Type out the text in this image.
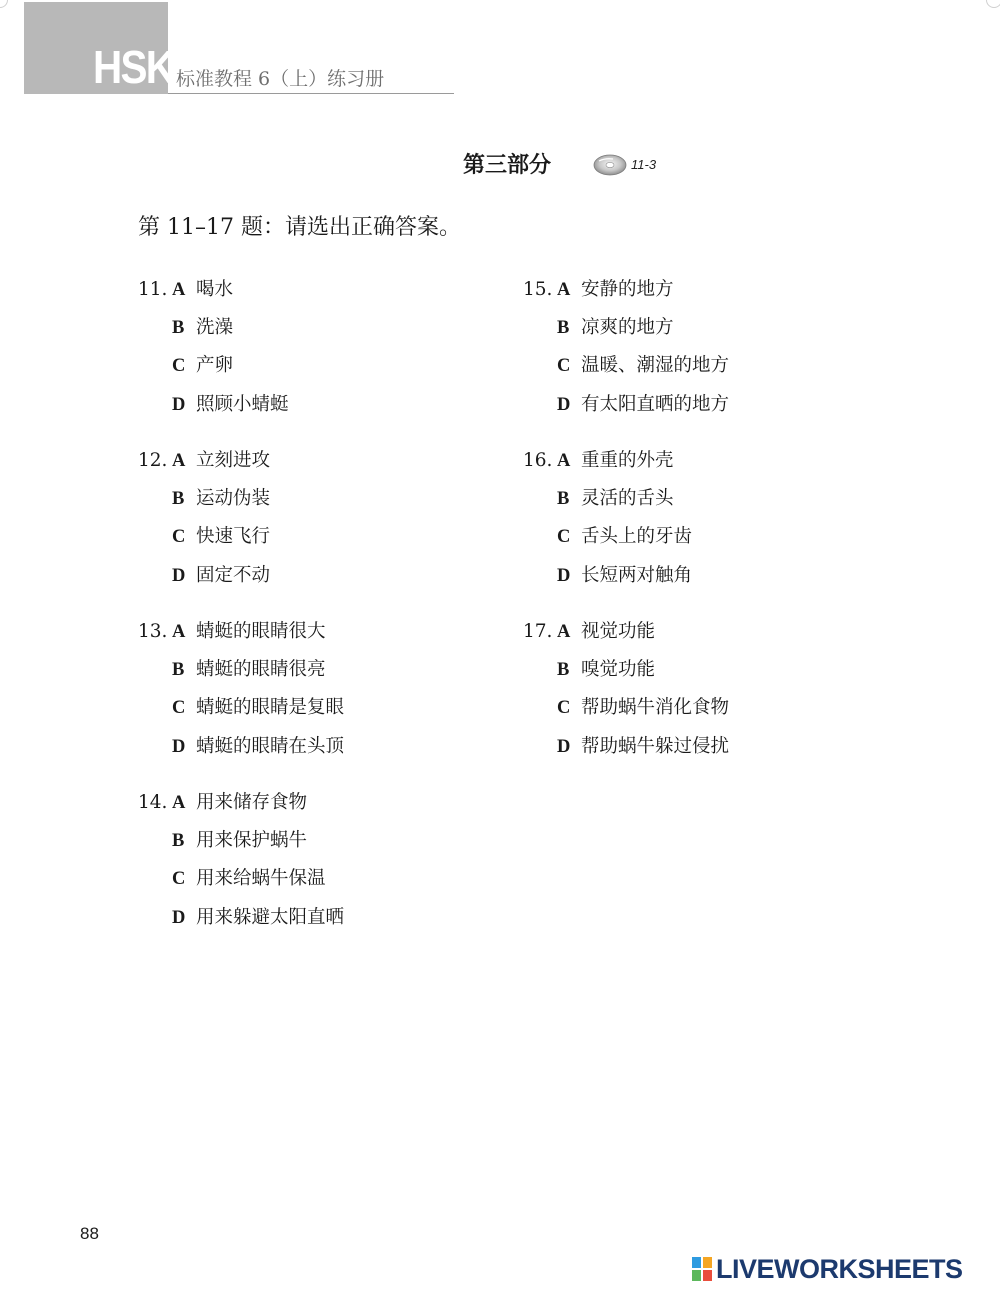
HSK 标准教程 6（上）练习册
第三部分	11-3
第 11–17 题：请选出正确答案。
11. A 喝水
B 洗澡
C 产卵
D 照顾小蜻蜓
12. A 立刻进攻
B 运动伪装
C 快速飞行
D 固定不动
13. A 蜻蜓的眼睛很大
B 蜻蜓的眼睛很亮
C 蜻蜓的眼睛是复眼
D 蜻蜓的眼睛在头顶
14. A 用来储存食物
B 用来保护蜗牛
C 用来给蜗牛保温
D 用来躲避太阳直晒
15. A 安静的地方
B 凉爽的地方
C 温暖、潮湿的地方
D 有太阳直晒的地方
16. A 重重的外壳
B 灵活的舌头
C 舌头上的牙齿
D 长短两对触角
17. A 视觉功能
B 嗅觉功能
C 帮助蜗牛消化食物
D 帮助蜗牛躲过侵扰
88
LIVEWORKSHEETS
